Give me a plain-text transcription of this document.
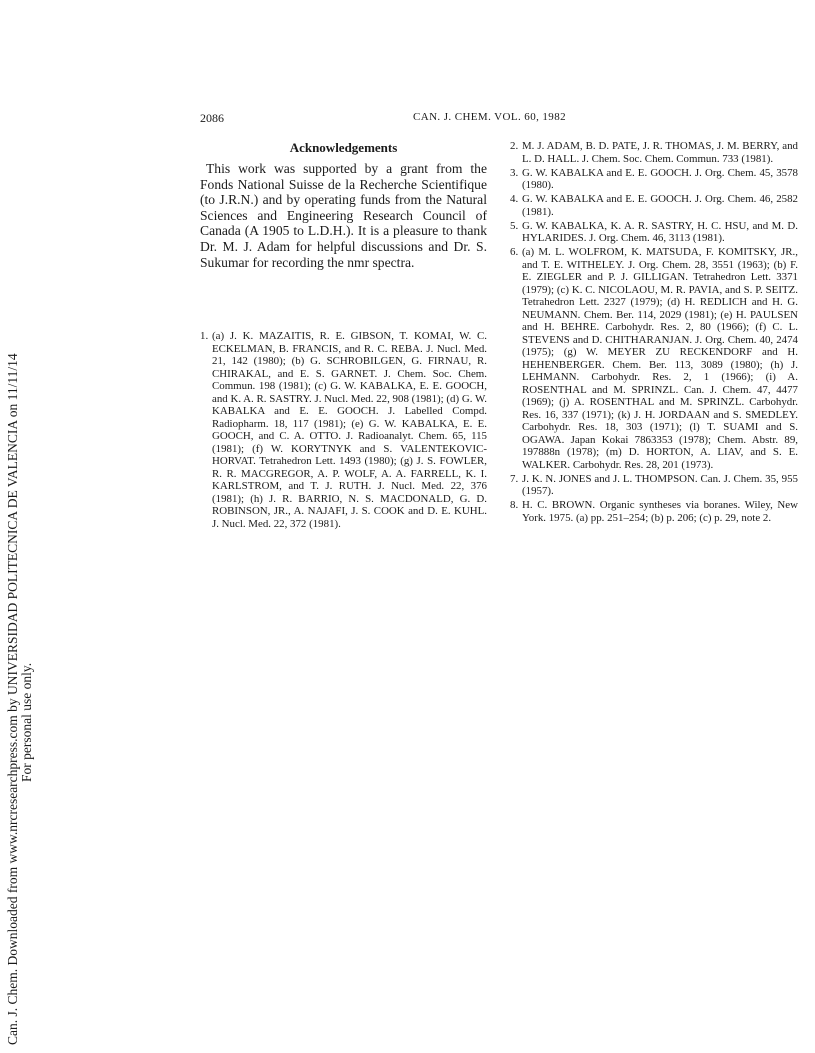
Can. J. Chem. Downloaded from www.nrcresearchpress.com by UNIVERSIDAD POLITECNICA DE VALENCIA on 11/11/14 For personal use only.
2086	CAN. J. CHEM. VOL. 60, 1982
Acknowledgements

This work was supported by a grant from the Fonds National Suisse de la Recherche Scientifique (to J.R.N.) and by operating funds from the Natural Sciences and Engineering Research Council of Canada (A 1905 to L.D.H.). It is a pleasure to thank Dr. M. J. Adam for helpful discussions and Dr. S. Sukumar for recording the nmr spectra.

1. (a) J. K. MAZAITIS, R. E. GIBSON, T. KOMAI, W. C. ECKELMAN, B. FRANCIS, and R. C. REBA. J. Nucl. Med. 21, 142 (1980); (b) G. SCHROBILGEN, G. FIRNAU, R. CHIRAKAL, and E. S. GARNET. J. Chem. Soc. Chem. Commun. 198 (1981); (c) G. W. KABALKA, E. E. GOOCH, and K. A. R. SASTRY. J. Nucl. Med. 22, 908 (1981); (d) G. W. KABALKA and E. E. GOOCH. J. Labelled Compd. Radiopharm. 18, 117 (1981); (e) G. W. KABALKA, E. E. GOOCH, and C. A. OTTO. J. Radioanalyt. Chem. 65, 115 (1981); (f) W. KORYTNYK and S. VALENTEKOVIC-HORVAT. Tetrahedron Lett. 1493 (1980); (g) J. S. FOWLER, R. R. MACGREGOR, A. P. WOLF, A. A. FARRELL, K. I. KARLSTROM, and T. J. RUTH. J. Nucl. Med. 22, 376 (1981); (h) J. R. BARRIO, N. S. MACDONALD, G. D. ROBINSON, JR., A. NAJAFI, J. S. COOK and D. E. KUHL. J. Nucl. Med. 22, 372 (1981).
2. M. J. ADAM, B. D. PATE, J. R. THOMAS, J. M. BERRY, and L. D. HALL. J. Chem. Soc. Chem. Commun. 733 (1981).
3. G. W. KABALKA and E. E. GOOCH. J. Org. Chem. 45, 3578 (1980).
4. G. W. KABALKA and E. E. GOOCH. J. Org. Chem. 46, 2582 (1981).
5. G. W. KABALKA, K. A. R. SASTRY, H. C. HSU, and M. D. HYLARIDES. J. Org. Chem. 46, 3113 (1981).
6. (a) M. L. WOLFROM, K. MATSUDA, F. KOMITSKY, JR., and T. E. WITHELEY. J. Org. Chem. 28, 3551 (1963); (b) F. E. ZIEGLER and P. J. GILLIGAN. Tetrahedron Lett. 3371 (1979); (c) K. C. NICOLAOU, M. R. PAVIA, and S. P. SEITZ. Tetrahedron Lett. 2327 (1979); (d) H. REDLICH and H. G. NEUMANN. Chem. Ber. 114, 2029 (1981); (e) H. PAULSEN and H. BEHRE. Carbohydr. Res. 2, 80 (1966); (f) C. L. STEVENS and D. CHITHARANJAN. J. Org. Chem. 40, 2474 (1975); (g) W. MEYER ZU RECKENDORF and H. HEHENBERGER. Chem. Ber. 113, 3089 (1980); (h) J. LEHMANN. Carbohydr. Res. 2, 1 (1966); (i) A. ROSENTHAL and M. SPRINZL. Can. J. Chem. 47, 4477 (1969); (j) A. ROSENTHAL and M. SPRINZL. Carbohydr. Res. 16, 337 (1971); (k) J. H. JORDAAN and S. SMEDLEY. Carbohydr. Res. 18, 303 (1971); (l) T. SUAMI and S. OGAWA. Japan Kokai 7863353 (1978); Chem. Abstr. 89, 197888n (1978); (m) D. HORTON, A. LIAV, and S. E. WALKER. Carbohydr. Res. 28, 201 (1973).
7. J. K. N. JONES and J. L. THOMPSON. Can. J. Chem. 35, 955 (1957).
8. H. C. BROWN. Organic syntheses via boranes. Wiley, New York. 1975. (a) pp. 251–254; (b) p. 206; (c) p. 29, note 2.
